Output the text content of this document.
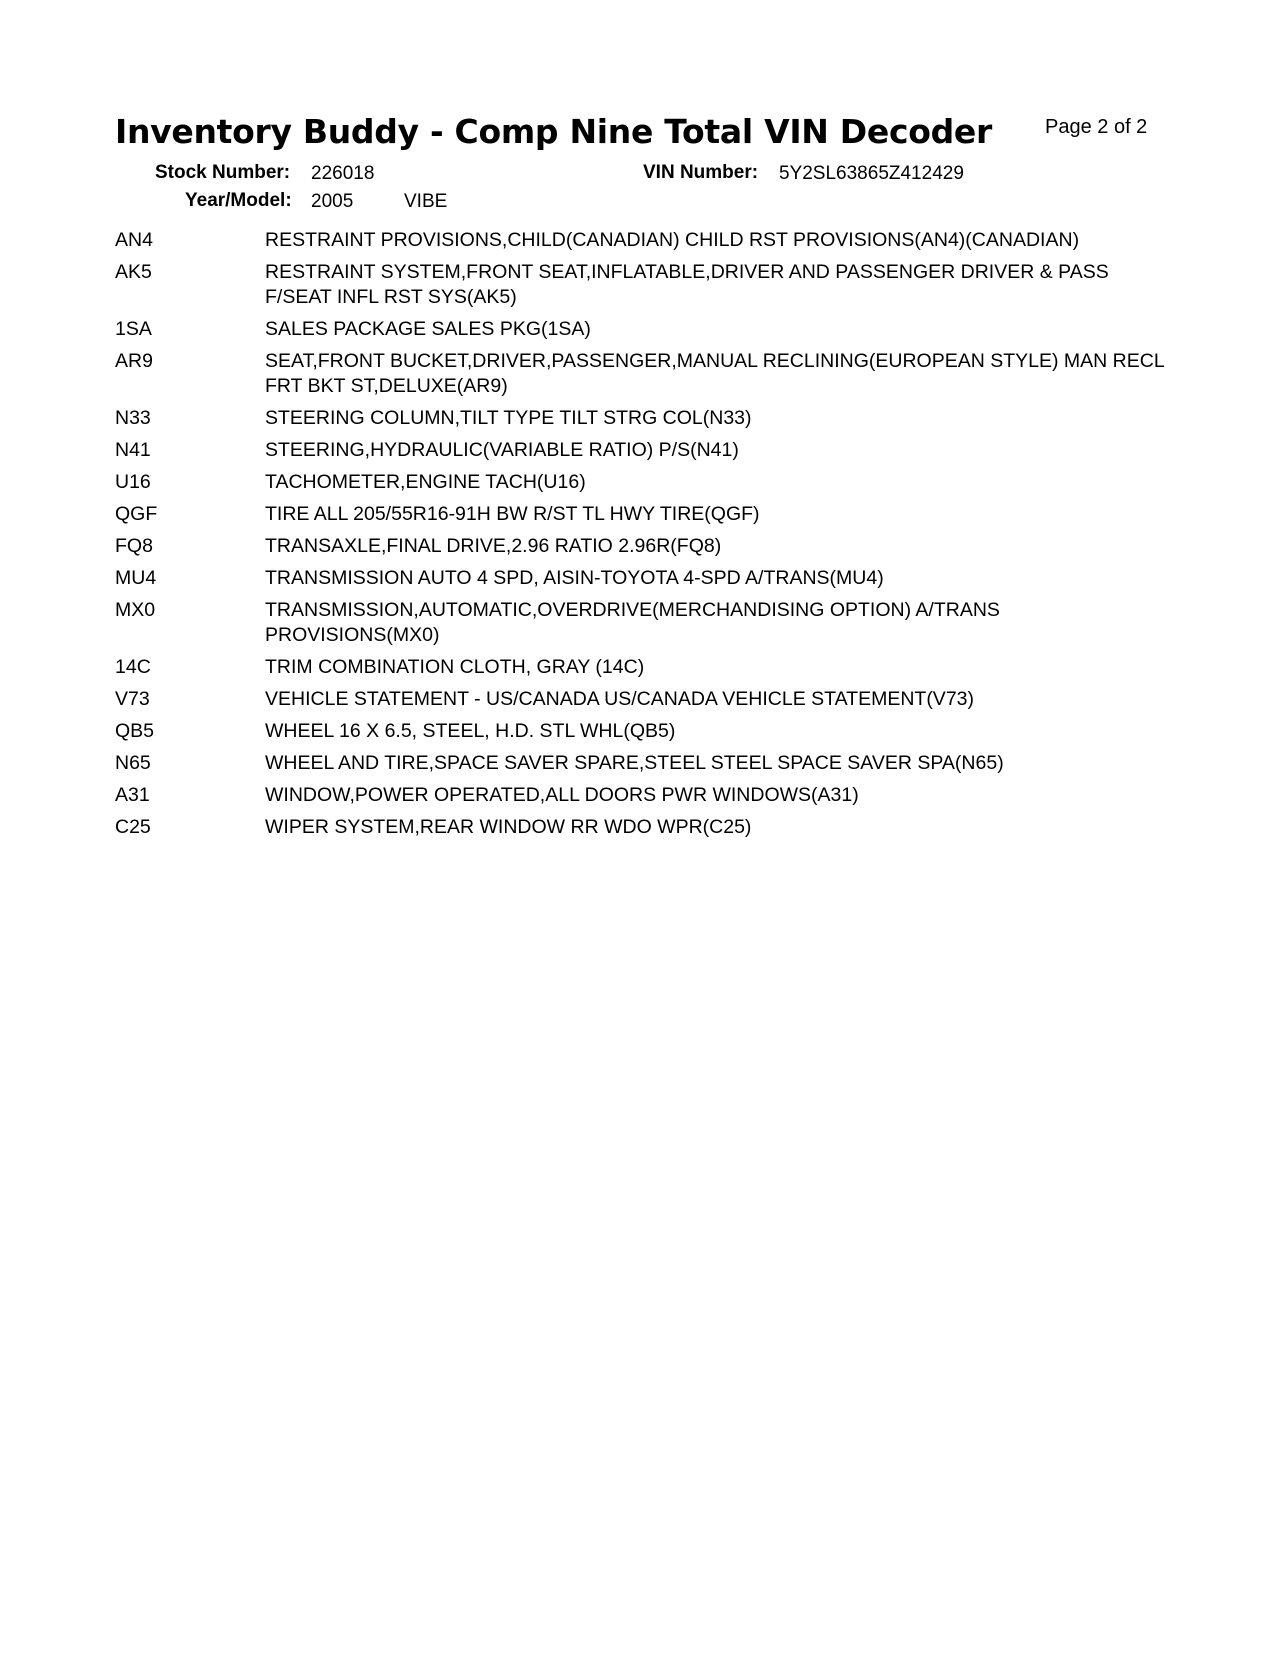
Inventory Buddy - Comp Nine Total VIN Decoder	Page 2 of 2
Stock Number: 226018	VIN Number: 5Y2SL63865Z412429
Year/Model: 2005	VIBE
AN4	RESTRAINT PROVISIONS,CHILD(CANADIAN) CHILD RST PROVISIONS(AN4)(CANADIAN)
AK5	RESTRAINT SYSTEM,FRONT SEAT,INFLATABLE,DRIVER AND PASSENGER DRIVER & PASS F/SEAT INFL RST SYS(AK5)
1SA	SALES PACKAGE SALES PKG(1SA)
AR9	SEAT,FRONT BUCKET,DRIVER,PASSENGER,MANUAL RECLINING(EUROPEAN STYLE) MAN RECL FRT BKT ST,DELUXE(AR9)
N33	STEERING COLUMN,TILT TYPE TILT STRG COL(N33)
N41	STEERING,HYDRAULIC(VARIABLE RATIO) P/S(N41)
U16	TACHOMETER,ENGINE TACH(U16)
QGF	TIRE ALL 205/55R16-91H BW R/ST TL HWY TIRE(QGF)
FQ8	TRANSAXLE,FINAL DRIVE,2.96 RATIO 2.96R(FQ8)
MU4	TRANSMISSION AUTO 4 SPD, AISIN-TOYOTA 4-SPD A/TRANS(MU4)
MX0	TRANSMISSION,AUTOMATIC,OVERDRIVE(MERCHANDISING OPTION) A/TRANS PROVISIONS(MX0)
14C	TRIM COMBINATION CLOTH, GRAY (14C)
V73	VEHICLE STATEMENT - US/CANADA US/CANADA VEHICLE STATEMENT(V73)
QB5	WHEEL 16 X 6.5, STEEL, H.D. STL WHL(QB5)
N65	WHEEL AND TIRE,SPACE SAVER SPARE,STEEL STEEL SPACE SAVER SPA(N65)
A31	WINDOW,POWER OPERATED,ALL DOORS PWR WINDOWS(A31)
C25	WIPER SYSTEM,REAR WINDOW RR WDO WPR(C25)
